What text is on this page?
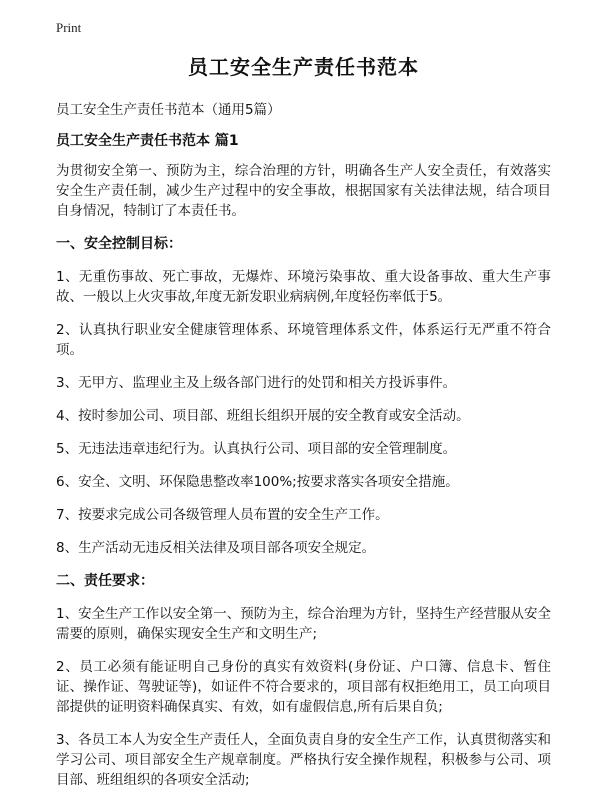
Print
员工安全生产责任书范本
员工安全生产责任书范本（通用5篇）
员工安全生产责任书范本 篇1
为贯彻安全第一、预防为主，综合治理的方针，明确各生产人安全责任，有效落实安全生产责任制，减少生产过程中的安全事故，根据国家有关法律法规，结合项目自身情况，特制订了本责任书。
一、安全控制目标：
1、无重伤事故、死亡事故，无爆炸、环境污染事故、重大设备事故、重大生产事故、一般以上火灾事故,年度无新发职业病病例,年度轻伤率低于5。
2、认真执行职业安全健康管理体系、环境管理体系文件，体系运行无严重不符合项。
3、无甲方、监理业主及上级各部门进行的处罚和相关方投诉事件。
4、按时参加公司、项目部、班组长组织开展的安全教育或安全活动。
5、无违法违章违纪行为。认真执行公司、项目部的安全管理制度。
6、安全、文明、环保隐患整改率100%;按要求落实各项安全措施。
7、按要求完成公司各级管理人员布置的安全生产工作。
8、生产活动无违反相关法律及项目部各项安全规定。
二、责任要求：
1、安全生产工作以安全第一、预防为主，综合治理为方针，坚持生产经营服从安全需要的原则，确保实现安全生产和文明生产;
2、员工必须有能证明自己身份的真实有效资料(身份证、户口簿、信息卡、暂住证、操作证、驾驶证等)，如证件不符合要求的，项目部有权拒绝用工，员工向项目部提供的证明资料确保真实、有效，如有虚假信息,所有后果自负;
3、各员工本人为安全生产责任人，全面负责自身的安全生产工作，认真贯彻落实和学习公司、项目部安全生产规章制度。严格执行安全操作规程，积极参与公司、项目部、班组组织的各项安全活动;
